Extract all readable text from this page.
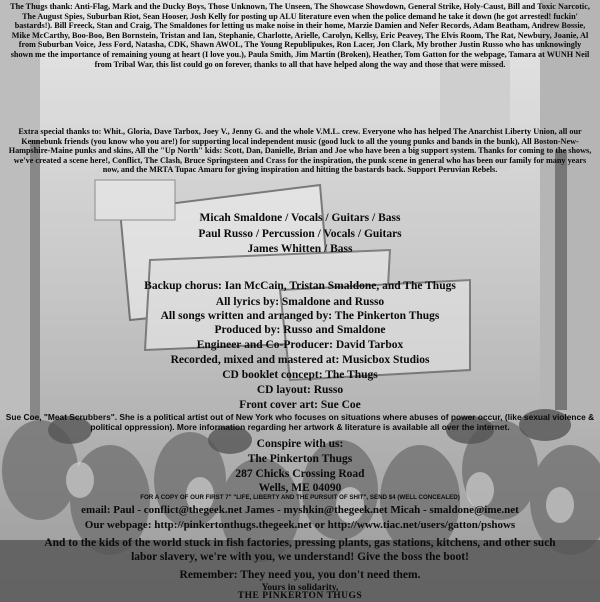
The Thugs thank: Anti-Flag, Mark and the Ducky Boys, Those Unknown, The Unseen, The Showcase Showdown, General Strike, Holy-Caust, Bill and Toxic Narcotic, The August Spies, Suburban Riot, Sean Hooser, Josh Kelly for posting up ALU literature even when the police demand he take it down (he got arrested! fuckin' bastards!). Bill Freeck, Stan and Craig, The Smaldones for letting us make noise in their home, Marzie Damien and Nefer Records, Adam Beatham, Andrew Bossie, Mike McCarthy, Boo-Boo, Ben Bornstein, Tristan and Ian, Stephanie, Charlotte, Arielle, Carolyn, Kellsy, Eric Peavey, The Elvis Room, The Rat, Newbury, Joanie, Al from Suburban Voice, Jess Ford, Natasha, CDK, Shawn AWOL, The Young Republipukes, Ron Lacer, Jon Clark, My brother Justin Russo who has unknowingly shown me the importance of remaining young at heart (I love you.), Paula Smith, Jim Martin (Broken), Heather, Tom Gatton for the webpage, Tamara at WUNH Neil from Tribal War, this list could go on forever, thanks to all that have helped along the way and those that were missed.
Extra special thanks to: Whit., Gloria, Dave Tarbox, Joey V., Jenny G. and the whole V.M.L. crew. Everyone who has helped The Anarchist Liberty Union, all our Kennebunk friends (you know who you are!) for supporting local independent music (good luck to all the young punks and bands in the bunk), All Boston-New-Hampshire-Maine punks and skins, All the "Up North" kids: Scott, Dan, Danielle, Brian and Joe who have been a big support system. Thanks for coming to the shows, we've created a scene here!, Conflict, The Clash, Bruce Springsteen and Crass for the inspiration, the punk scene in general who has been our family for many years now, and the MRTA Tupac Amaru for giving inspiration and hitting the bastards back. Support Peruvian Rebels.
Micah Smaldone / Vocals / Guitars / Bass
Paul Russo / Percussion / Vocals / Guitars
James Whitten / Bass
Backup chorus: Ian McCain, Tristan Smaldone, and The Thugs
All lyrics by: Smaldone and Russo
All songs written and arranged by: The Pinkerton Thugs
Produced by: Russo and Smaldone
Engineer and Co-Producer: David Tarbox
Recorded, mixed and mastered at: Musicbox Studios
CD booklet concept: The Thugs
CD layout: Russo
Front cover art: Sue Coe
Sue Coe, "Meat Scrubbers". She is a political artist out of New York who focuses on situations where abuses of power occur, (like sexual violence & political oppression). More information regarding her artwork & literature is available all over the internet.
Conspire with us:
The Pinkerton Thugs
287 Chicks Crossing Road
Wells, ME 04090
FOR A COPY OF OUR FIRST 7" "LIFE, LIBERTY AND THE PURSUIT OF SHIT", SEND $4 (WELL CONCEALED)
email: Paul - conflict@thegeek.net James - myshkin@thegeek.net Micah - smaldone@ime.net
Our webpage: http://pinkertonthugs.thegeek.net or http://www.tiac.net/users/gatton/pshows
And to the kids of the world stuck in fish factories, pressing plants, gas stations, kitchens, and other such labor slavery, we're with you, we understand! Give the boss the boot!
Remember: They need you, you don't need them.
Yours in solidarity,
THE PINKERTON THUGS
